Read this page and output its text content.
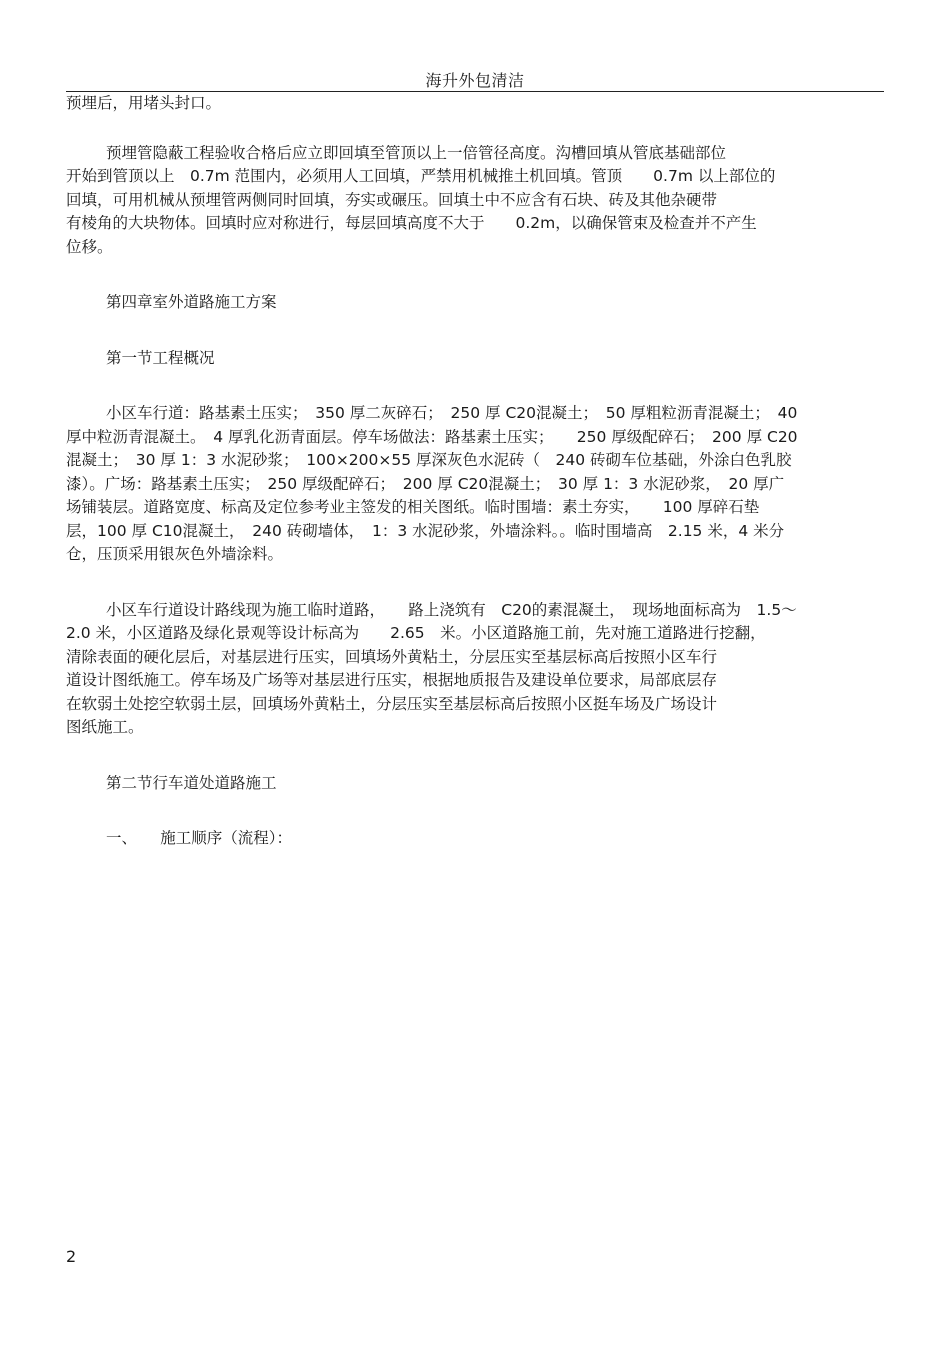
海升外包清洁
预埋后，用堵头封口。
预埋管隐蔽工程验收合格后应立即回填至管顶以上一倍管径高度。沟槽回填从管底基础部位
开始到管顶以上　0.7m 范围内，必须用人工回填，严禁用机械推土机回填。管顶　　0.7m 以上部位的
回填，可用机械从预埋管两侧同时回填，夯实或碾压。回填土中不应含有石块、砖及其他杂硬带
有棱角的大块物体。回填时应对称进行，每层回填高度不大于　　0.2m，以确保管束及检查并不产生
位移。
第四章室外道路施工方案
第一节工程概况
小区车行道：路基素土压实；　350 厚二灰碎石；　250 厚 C20混凝土；　50 厚粗粒沥青混凝土；　40
厚中粒沥青混凝土。　4 厚乳化沥青面层。停车场做法：路基素土压实；　　250 厚级配碎石；　200 厚 C20
混凝土；　30 厚 1：3 水泥砂浆；　100×200×55 厚深灰色水泥砖（　240 砖砌车位基础，外涂白色乳胶
漆）。广场：路基素土压实；　250 厚级配碎石；　200 厚 C20混凝土；　30 厚 1：3 水泥砂浆，　20 厚广
场铺装层。道路宽度、标高及定位参考业主签发的相关图纸。临时围墙：素土夯实，　　100 厚碎石垫
层，100 厚 C10混凝土，　240 砖砌墙体，　1：3 水泥砂浆，外墙涂料。。临时围墙高　2.15 米，4 米分
仓，压顶采用银灰色外墙涂料。
小区车行道设计路线现为施工临时道路，　　路上浇筑有　C20的素混凝土，　现场地面标高为　1.5～
2.0 米，小区道路及绿化景观等设计标高为　　2.65　米。小区道路施工前，先对施工道路进行挖翻，
清除表面的硬化层后，对基层进行压实，回填场外黄粘土，分层压实至基层标高后按照小区车行
道设计图纸施工。停车场及广场等对基层进行压实，根据地质报告及建设单位要求，局部底层存
在软弱土处挖空软弱土层，回填场外黄粘土，分层压实至基层标高后按照小区挺车场及广场设计
图纸施工。
第二节行车道处道路施工
一、　　施工顺序（流程）：
2
